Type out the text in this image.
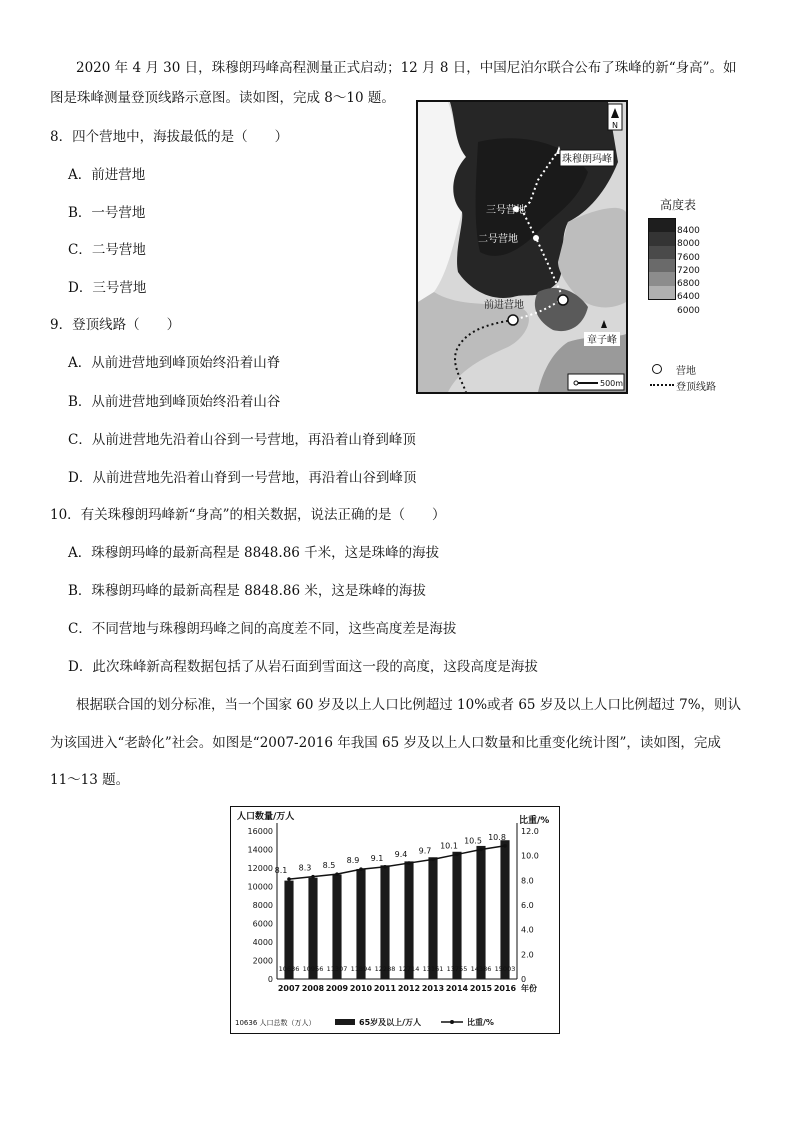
2020 年 4 月 30 日，珠穆朗玛峰高程测量正式启动；12 月 8 日，中国尼泊尔联合公布了珠峰的新“身高”。如
图是珠峰测量登顶线路示意图。读如图，完成 8～10 题。
8．四个营地中，海拔最低的是（　　）
A．前进营地
B．一号营地
C．二号营地
D．三号营地
9．登顶线路（　　）
A．从前进营地到峰顶始终沿着山脊
B．从前进营地到峰顶始终沿着山谷
C．从前进营地先沿着山谷到一号营地，再沿着山脊到峰顶
D．从前进营地先沿着山脊到一号营地，再沿着山谷到峰顶
10．有关珠穆朗玛峰新“身高”的相关数据，说法正确的是（　　）
A．珠穆朗玛峰的最新高程是 8848.86 千米，这是珠峰的海拔
B．珠穆朗玛峰的最新高程是 8848.86 米，这是珠峰的海拔
C．不同营地与珠穆朗玛峰之间的高度差不同，这些高度差是海拔
D．此次珠峰新高程数据包括了从岩石面到雪面这一段的高度，这段高度是海拔
根据联合国的划分标准，当一个国家 60 岁及以上人口比例超过 10%或者 65 岁及以上人口比例超过 7%，则认
为该国进入“老龄化”社会。如图是“2007-2016 年我国 65 岁及以上人口数量和比重变化统计图”，读如图，完成
11～13 题。
珠穆朗玛峰
三号营地
二号营地
前进营地
章子峰
N
500m
高度表
8400
8000
7600
7200
6800
6400
6000
营地
登顶线路
人口数量/万人	比重/%
16000
14000
12000
10000
8000
6000
4000
2000
0
12.0
10.0
8.0
6.0
4.0
2.0
0
10636
2007
8.1
10956
2008
8.3
11307
2009
8.5
11894
2010
8.9
12288
2011
9.1
12714
2012
9.4
13161
2013
9.7
13755
2014
10.1
14386
2015
10.5
15003
2016
10.8
年份
10636 人口总数（万人）	65岁及以上/万人	比重/%
